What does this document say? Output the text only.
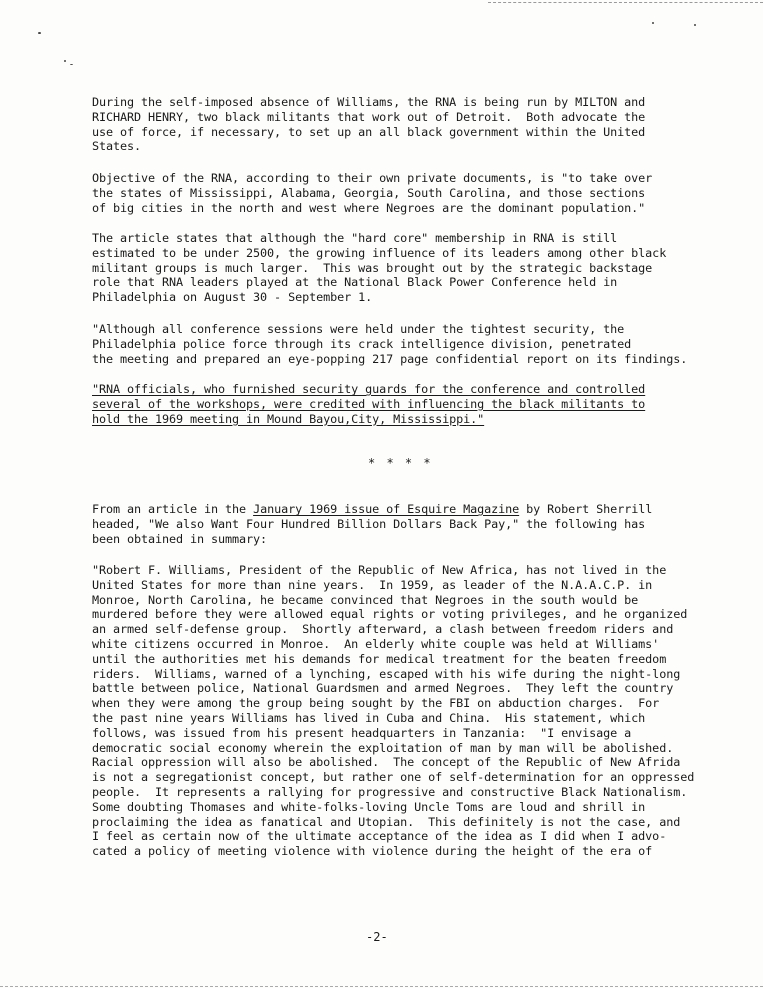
During the self-imposed absence of Williams, the RNA is being run by MILTON and
RICHARD HENRY, two black militants that work out of Detroit.  Both advocate the
use of force, if necessary, to set up an all black government within the United
States.
Objective of the RNA, according to their own private documents, is "to take over
the states of Mississippi, Alabama, Georgia, South Carolina, and those sections
of big cities in the north and west where Negroes are the dominant population."
The article states that although the "hard core" membership in RNA is still
estimated to be under 2500, the growing influence of its leaders among other black
militant groups is much larger.  This was brought out by the strategic backstage
role that RNA leaders played at the National Black Power Conference held in
Philadelphia on August 30 - September 1.
"Although all conference sessions were held under the tightest security, the
Philadelphia police force through its crack intelligence division, penetrated
the meeting and prepared an eye-popping 217 page confidential report on its findings.
"RNA officials, who furnished security guards for the conference and controlled
several of the workshops, were credited with influencing the black militants to
hold the 1969 meeting in Mound Bayou,City, Mississippi."
* * * *
From an article in the January 1969 issue of Esquire Magazine by Robert Sherrill
headed, "We also Want Four Hundred Billion Dollars Back Pay," the following has
been obtained in summary:
"Robert F. Williams, President of the Republic of New Africa, has not lived in the
United States for more than nine years.  In 1959, as leader of the N.A.A.C.P. in
Monroe, North Carolina, he became convinced that Negroes in the south would be
murdered before they were allowed equal rights or voting privileges, and he organized
an armed self-defense group.  Shortly afterward, a clash between freedom riders and
white citizens occurred in Monroe.  An elderly white couple was held at Williams'
until the authorities met his demands for medical treatment for the beaten freedom
riders.  Williams, warned of a lynching, escaped with his wife during the night-long
battle between police, National Guardsmen and armed Negroes.  They left the country
when they were among the group being sought by the FBI on abduction charges.  For
the past nine years Williams has lived in Cuba and China.  His statement, which
follows, was issued from his present headquarters in Tanzania:  "I envisage a
democratic social economy wherein the exploitation of man by man will be abolished.
Racial oppression will also be abolished.  The concept of the Republic of New Afrida
is not a segregationist concept, but rather one of self-determination for an oppressed
people.  It represents a rallying for progressive and constructive Black Nationalism.
Some doubting Thomases and white-folks-loving Uncle Toms are loud and shrill in
proclaiming the idea as fanatical and Utopian.  This definitely is not the case, and
I feel as certain now of the ultimate acceptance of the idea as I did when I advo-
cated a policy of meeting violence with violence during the height of the era of
-2-
